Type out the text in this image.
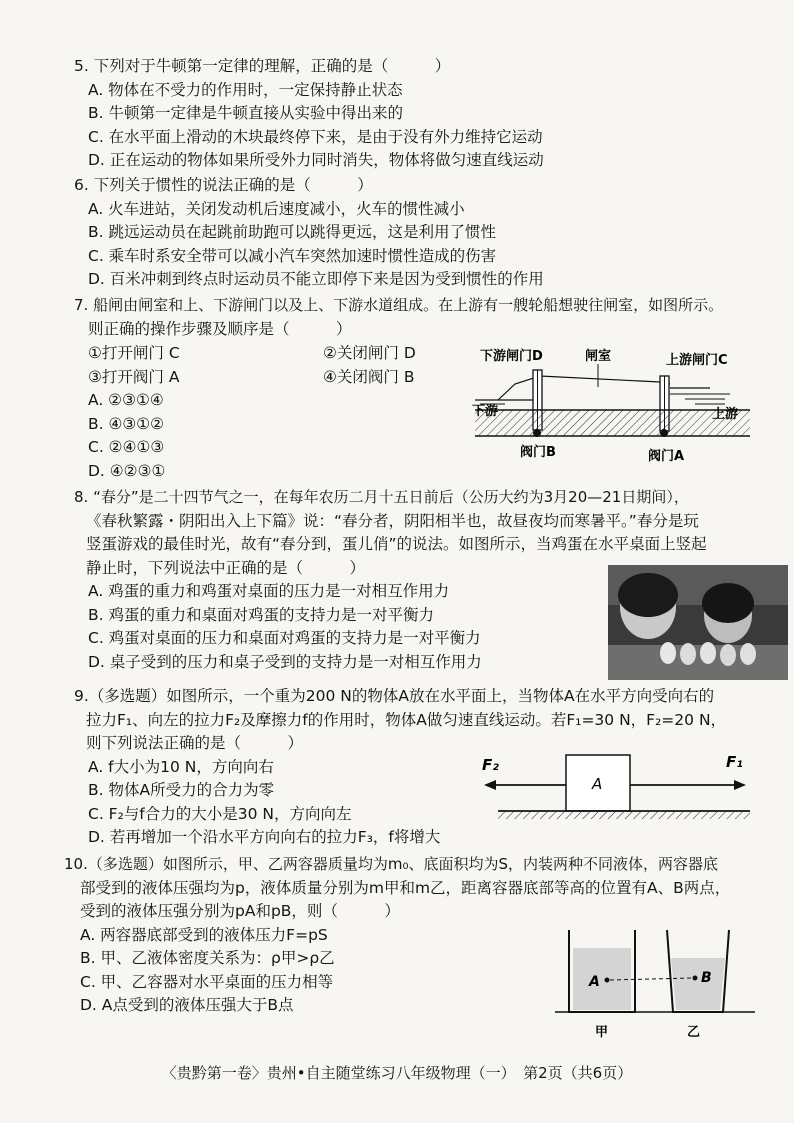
5. 下列对于牛顿第一定律的理解，正确的是（　　　）
A. 物体在不受力的作用时，一定保持静止状态
B. 牛顿第一定律是牛顿直接从实验中得出来的
C. 在水平面上滑动的木块最终停下来，是由于没有外力维持它运动
D. 正在运动的物体如果所受外力同时消失，物体将做匀速直线运动
6. 下列关于惯性的说法正确的是（　　　）
A. 火车进站，关闭发动机后速度减小，火车的惯性减小
B. 跳远运动员在起跳前助跑可以跳得更远，这是利用了惯性
C. 乘车时系安全带可以减小汽车突然加速时惯性造成的伤害
D. 百米冲刺到终点时运动员不能立即停下来是因为受到惯性的作用
7. 船闸由闸室和上、下游闸门以及上、下游水道组成。在上游有一艘轮船想驶往闸室，如图所示。
则正确的操作步骤及顺序是（　　　）
①打开闸门 C	②关闭闸门 D
③打开阀门 A	④关闭阀门 B
A. ②③①④
B. ④③①②
C. ②④①③
D. ④②③①
下游闸门D	闸室	上游闸门C
下游	上游
阀门B	阀门A
8. “春分”是二十四节气之一，在每年农历二月十五日前后（公历大约为3月20—21日期间），
《春秋繁露・阴阳出入上下篇》说：“春分者，阴阳相半也，故昼夜均而寒暑平。”春分是玩
竖蛋游戏的最佳时光，故有“春分到，蛋儿俏”的说法。如图所示，当鸡蛋在水平桌面上竖起
静止时，下列说法中正确的是（　　　）
A. 鸡蛋的重力和鸡蛋对桌面的压力是一对相互作用力
B. 鸡蛋的重力和桌面对鸡蛋的支持力是一对平衡力
C. 鸡蛋对桌面的压力和桌面对鸡蛋的支持力是一对平衡力
D. 桌子受到的压力和桌子受到的支持力是一对相互作用力
9.（多选题）如图所示，一个重为200 N的物体A放在水平面上，当物体A在水平方向受向右的
拉力F₁、向左的拉力F₂及摩擦力f的作用时，物体A做匀速直线运动。若F₁=30 N，F₂=20 N，
则下列说法正确的是（　　　）
A. f大小为10 N，方向向右
B. 物体A所受力的合力为零
C. F₂与f合力的大小是30 N，方向向左
D. 若再增加一个沿水平方向向右的拉力F₃，f将增大
A
F₂	F₁
10.（多选题）如图所示，甲、乙两容器质量均为m₀、底面积均为S，内装两种不同液体，两容器底
部受到的液体压强均为p，液体质量分别为m甲和m乙，距离容器底部等高的位置有A、B两点，
受到的液体压强分别为pA和pB，则（　　　）
A. 两容器底部受到的液体压力F=pS
B. 甲、乙液体密度关系为：ρ甲>ρ乙
C. 甲、乙容器对水平桌面的压力相等
D. A点受到的液体压强大于B点
A	B
甲	乙
〈贵黔第一卷〉贵州•自主随堂练习八年级物理（一）　第2页（共6页）
